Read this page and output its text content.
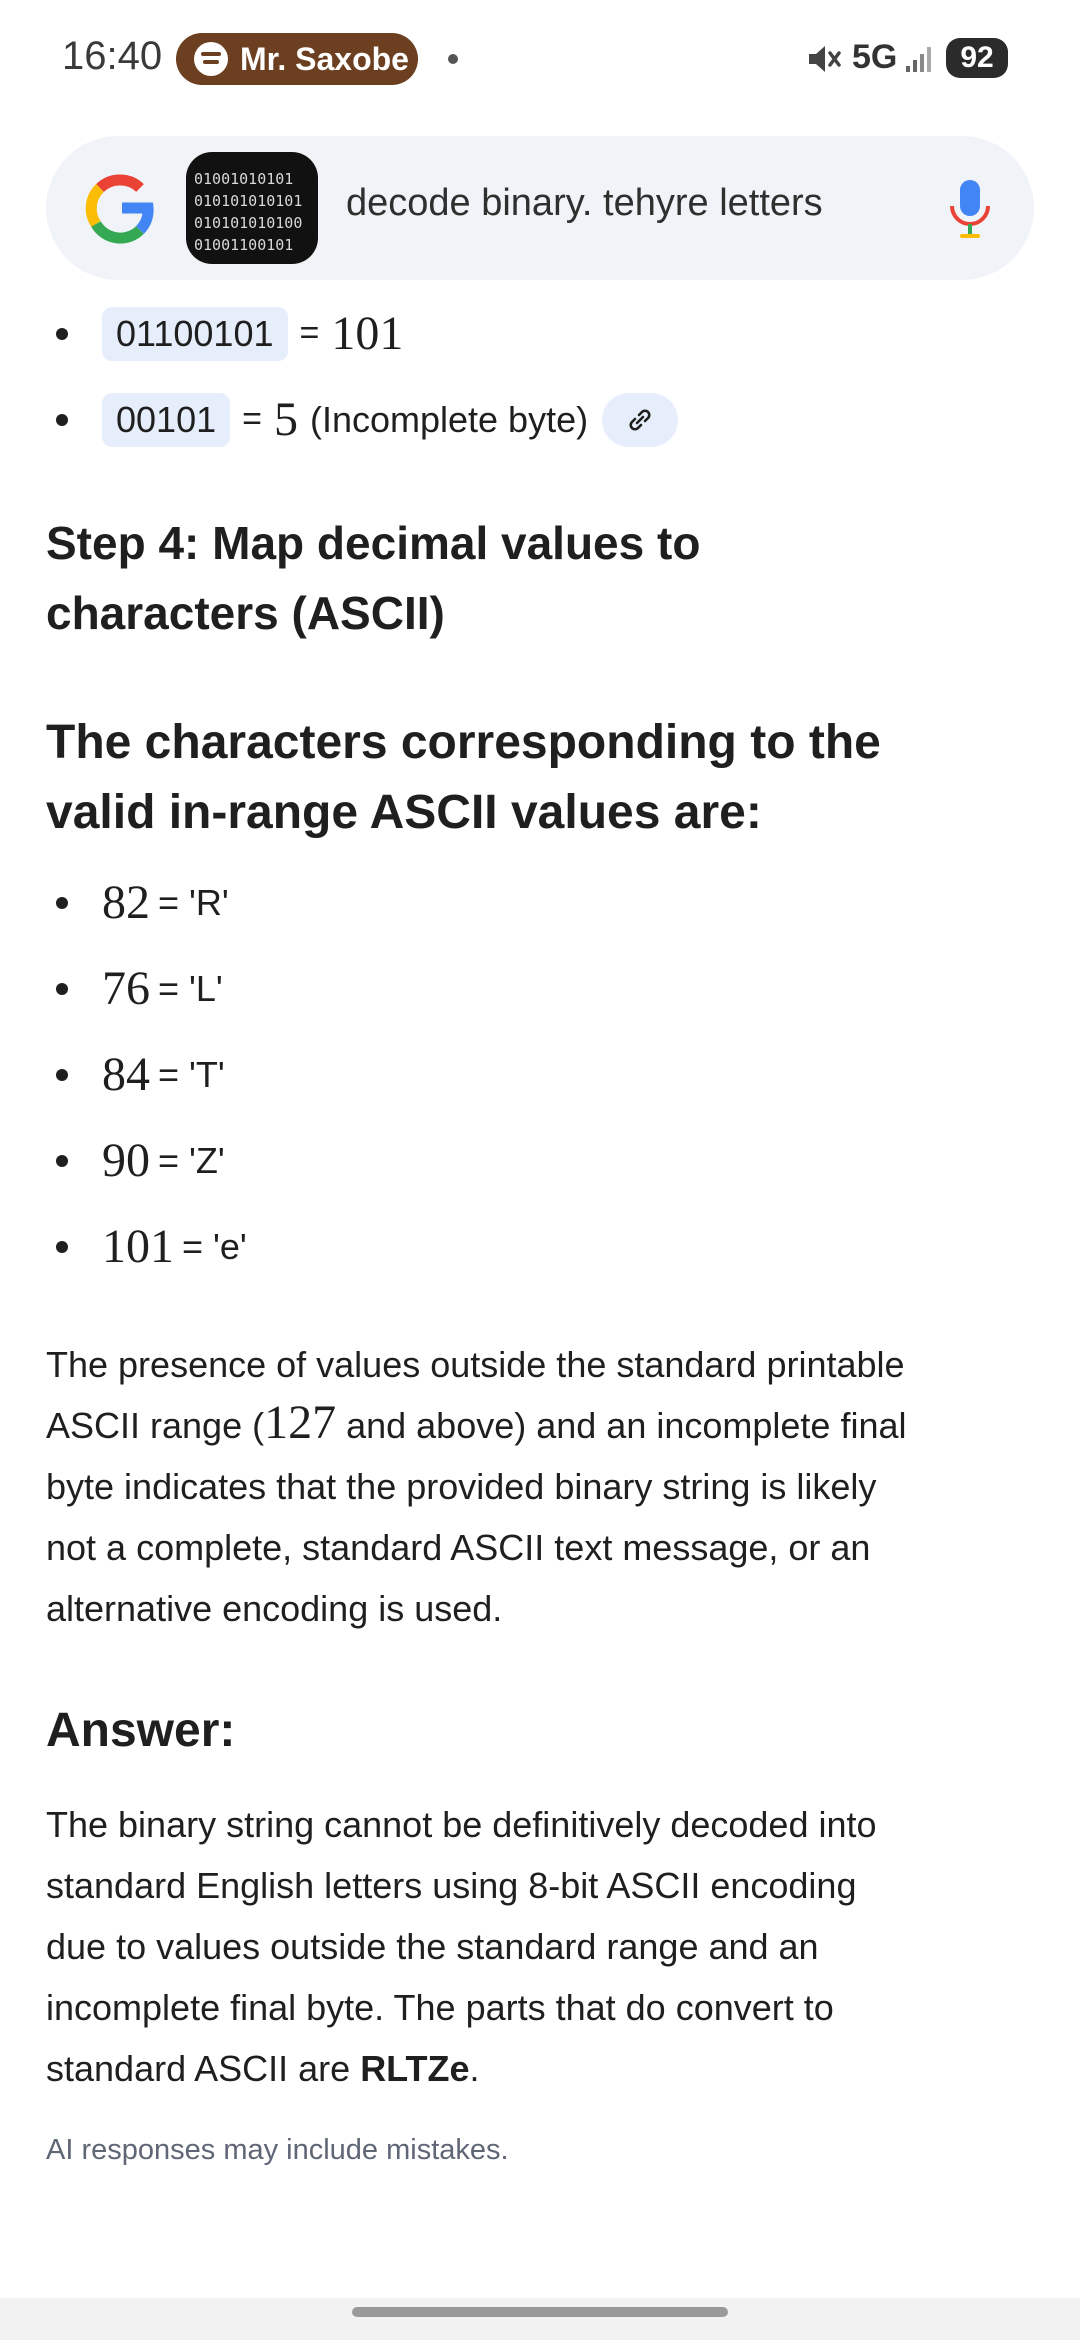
16:40 Mr. Saxobe	5G	92
01001010101
010101010101
010101010100
01001100101
decode binary. tehyre letters
01100101 = 101
00101 = 5 (Incomplete byte)
Step 4: Map decimal values to
characters (ASCII)
The characters corresponding to the
valid in-range ASCII values are:
82 = 'R'
76 = 'L'
84 = 'T'
90 = 'Z'
101 = 'e'
The presence of values outside the standard printable
ASCII range (127 and above) and an incomplete final
byte indicates that the provided binary string is likely
not a complete, standard ASCII text message, or an
alternative encoding is used.
Answer:
The binary string cannot be definitively decoded into
standard English letters using 8-bit ASCII encoding
due to values outside the standard range and an
incomplete final byte. The parts that do convert to
standard ASCII are RLTZe.
AI responses may include mistakes.
